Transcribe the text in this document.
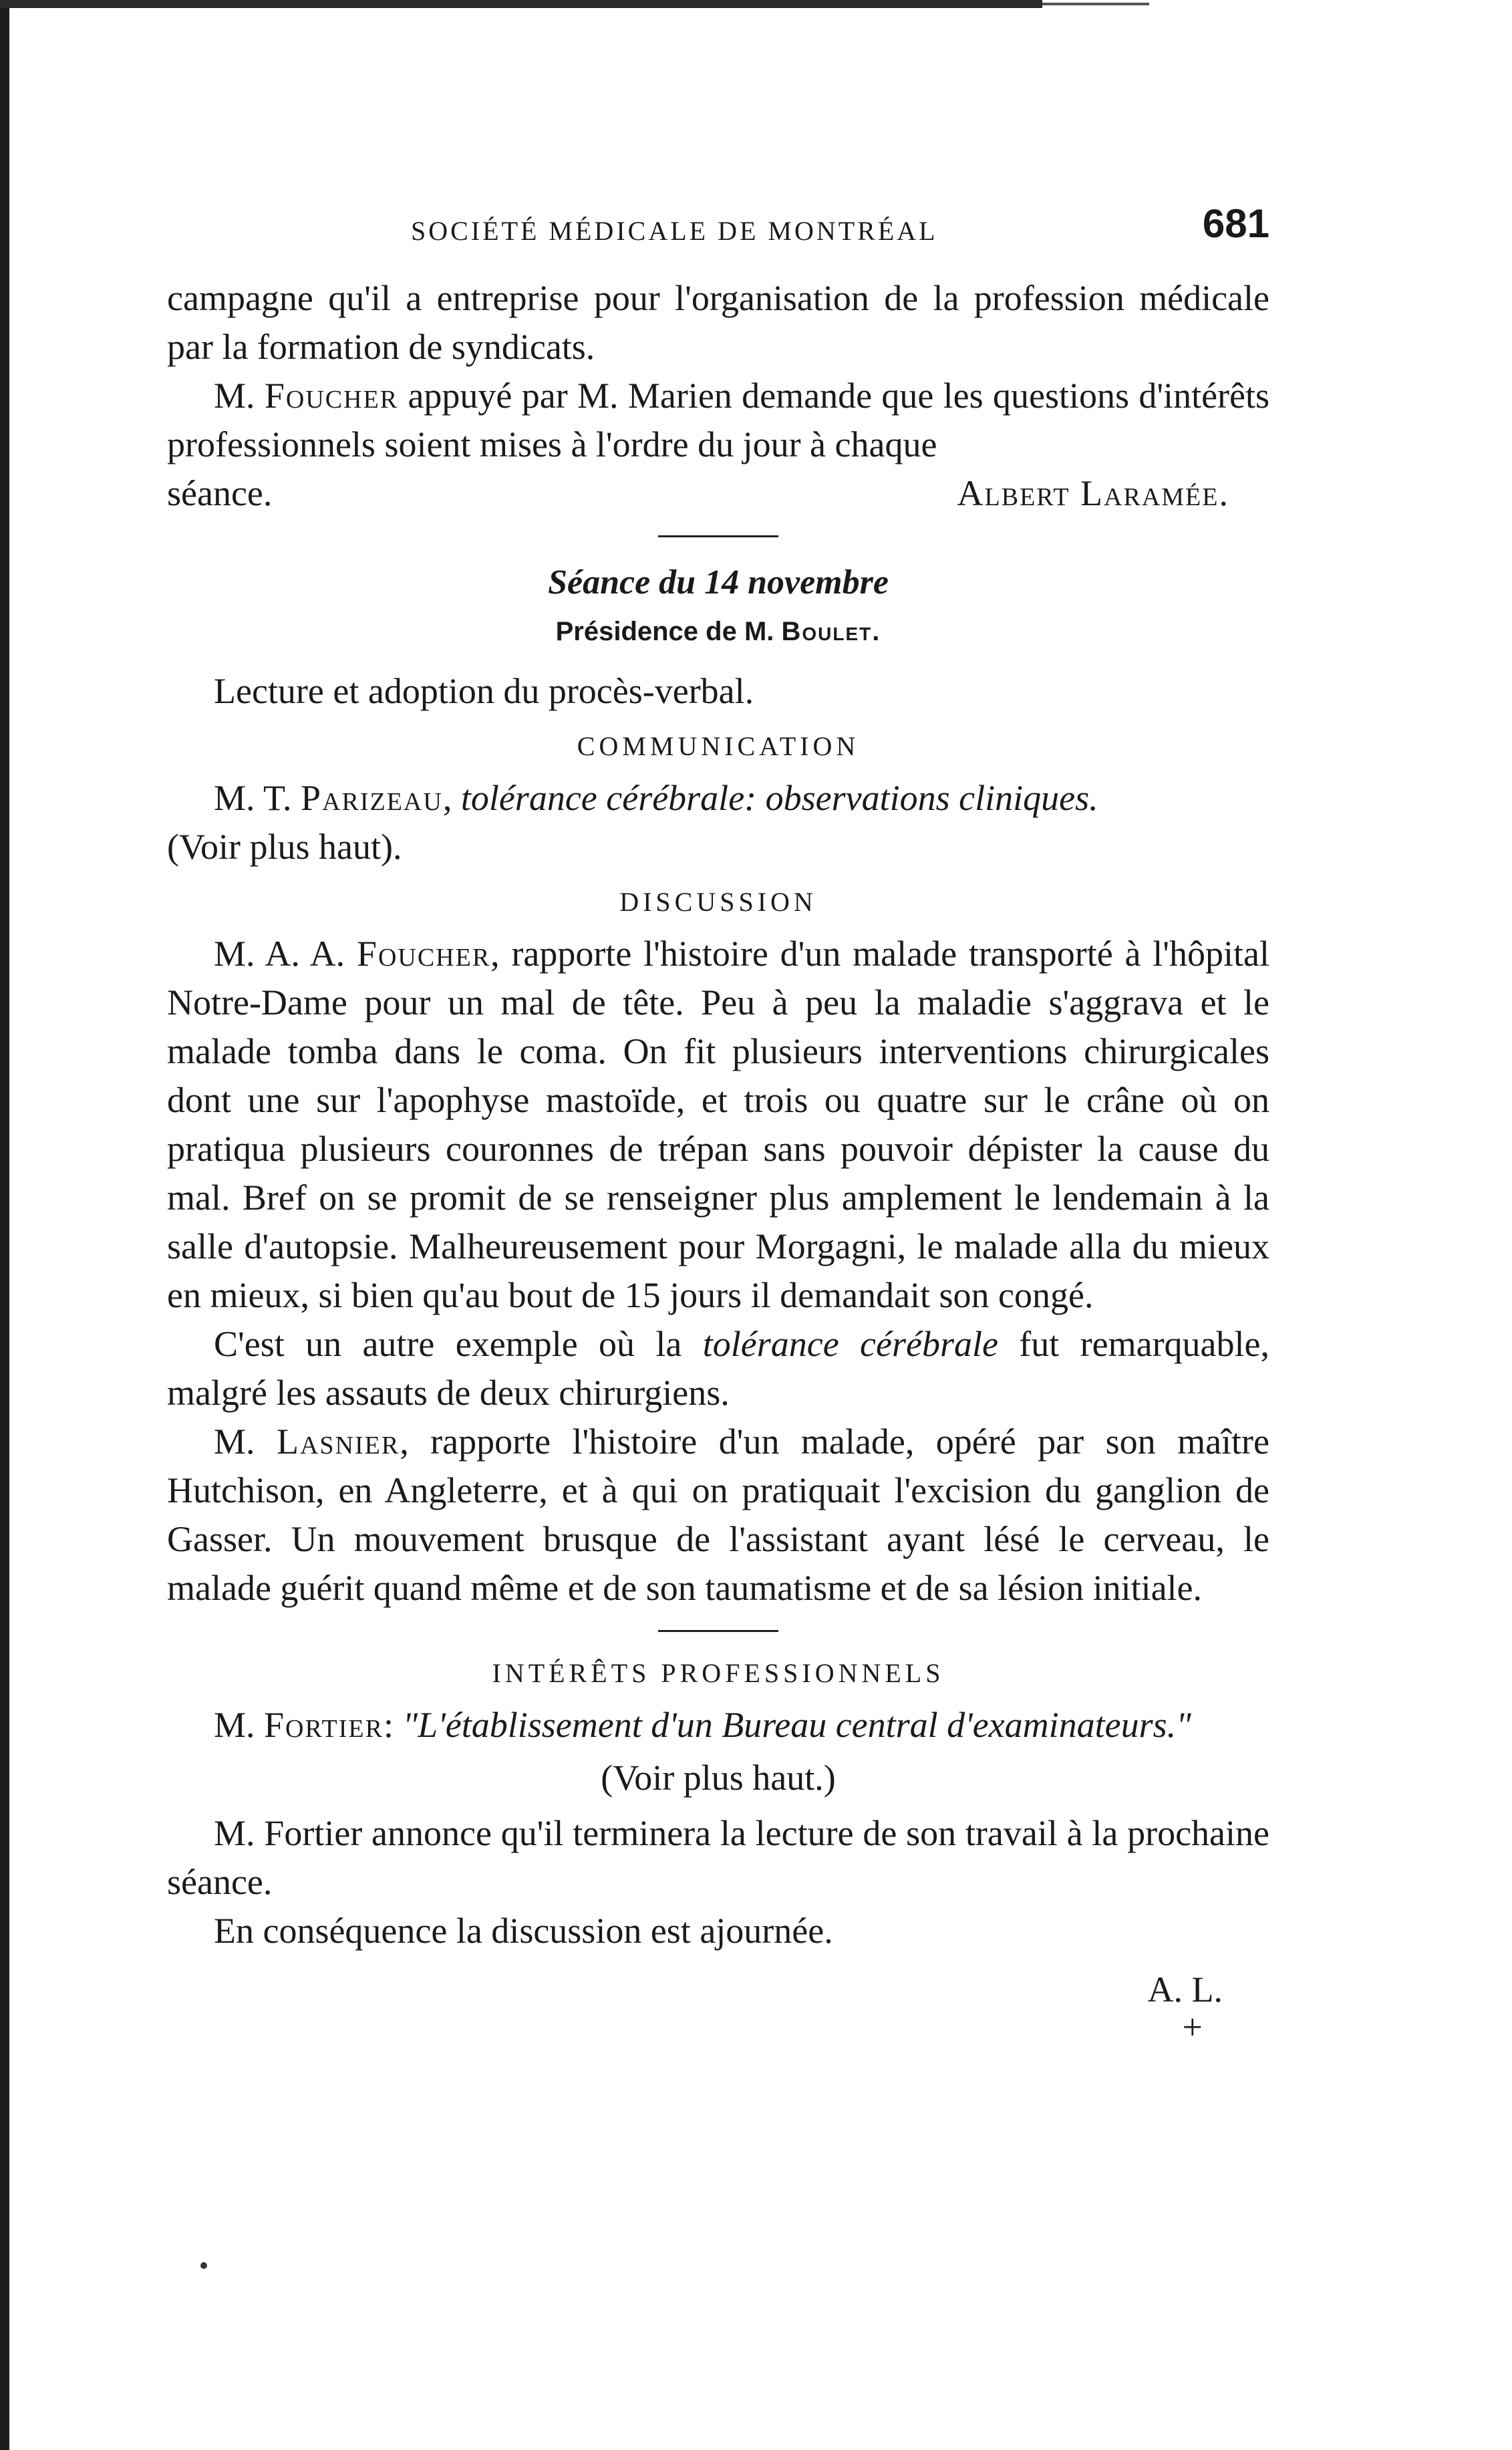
SOCIÉTÉ MÉDICALE DE MONTRÉAL	681

campagne qu'il a entreprise pour l'organisation de la profession médicale par la formation de syndicats.

M. Foucher appuyé par M. Marien demande que les questions d'intérêts professionnels soient mises à l'ordre du jour à chaque

séance.	Albert Laramée.

Séance du 14 novembre
Présidence de M. Boulet.

Lecture et adoption du procès-verbal.

COMMUNICATION

M. T. Parizeau, tolérance cérébrale: observations cliniques.

(Voir plus haut).

DISCUSSION

M. A. A. Foucher, rapporte l'histoire d'un malade transporté à l'hôpital Notre-Dame pour un mal de tête. Peu à peu la maladie s'aggrava et le malade tomba dans le coma. On fit plusieurs interventions chirurgicales dont une sur l'apophyse mastoïde, et trois ou quatre sur le crâne où on pratiqua plusieurs couronnes de trépan sans pouvoir dépister la cause du mal. Bref on se promit de se renseigner plus amplement le lendemain à la salle d'autopsie. Malheureusement pour Morgagni, le malade alla du mieux en mieux, si bien qu'au bout de 15 jours il demandait son congé.

C'est un autre exemple où la tolérance cérébrale fut remarquable, malgré les assauts de deux chirurgiens.

M. Lasnier, rapporte l'histoire d'un malade, opéré par son maître Hutchison, en Angleterre, et à qui on pratiquait l'excision du ganglion de Gasser. Un mouvement brusque de l'assistant ayant lésé le cerveau, le malade guérit quand même et de son taumatisme et de sa lésion initiale.

INTÉRÊTS PROFESSIONNELS

M. Fortier: "L'établissement d'un Bureau central d'examinateurs."

(Voir plus haut.)

M. Fortier annonce qu'il terminera la lecture de son travail à la prochaine séance.

En conséquence la discussion est ajournée.

A. L.
+
